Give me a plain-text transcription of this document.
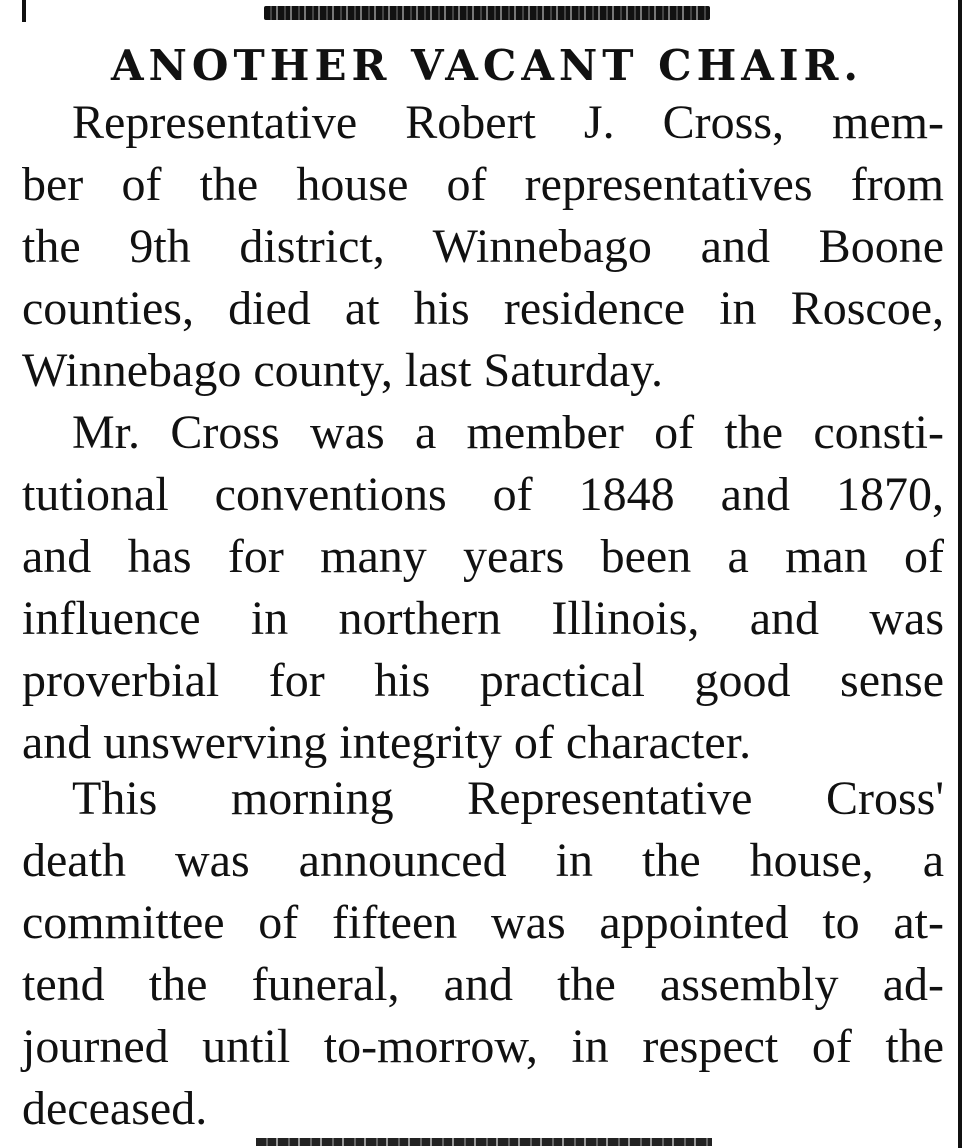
ANOTHER VACANT CHAIR.
Representative Robert J. Cross, mem-
ber of the house of representatives from
the 9th district, Winnebago and Boone
counties, died at his residence in Roscoe,
Winnebago county, last Saturday.
Mr. Cross was a member of the consti-
tutional conventions of 1848 and 1870,
and has for many years been a man of
influence in northern Illinois, and was
proverbial for his practical good sense
and unswerving integrity of character.
This morning Representative Cross'
death was announced in the house, a
committee of fifteen was appointed to at-
tend the funeral, and the assembly ad-
journed until to-morrow, in respect of the
deceased.
